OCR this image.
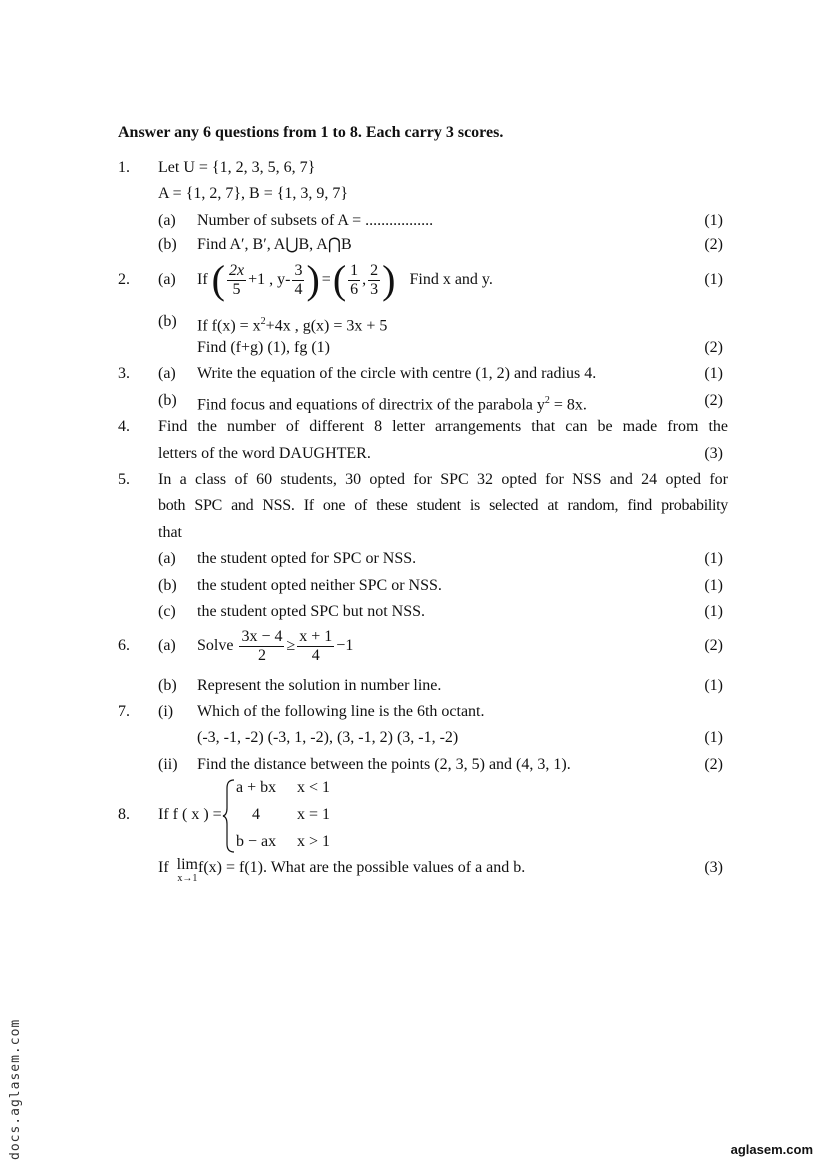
Answer any 6 questions from 1 to 8. Each carry 3 scores.
1. Let U = {1, 2, 3, 5, 6, 7}
A = {1, 2, 7}, B = {1, 3, 9, 7}
(a) Number of subsets of A = .................	(1)
(b) Find A′, B′, A⋃B, A⋂B	(2)
2. (a) If ( $\frac{2x}{5} +1$ , $y- \frac{3}{4}$ ) = ( $\frac{1}{6}$ , $\frac{2}{3}$ ) Find x and y.	(1)
(b) If $f(x) = x^2+4x$ , g(x) = 3x + 5
Find (f+g) (1), fg (1)	(2)
3. (a) Write the equation of the circle with centre (1, 2) and radius 4.	(1)
(b) Find focus and equations of directrix of the parabola $y^2 = 8x$.	(2)
4. Find the number of different 8 letter arrangements that can be made from the
letters of the word DAUGHTER.	(3)
5. In a class of 60 students, 30 opted for SPC 32 opted for NSS and 24 opted for
both SPC and NSS. If one of these student is selected at random, find probability
that
(a) the student opted for SPC or NSS.	(1)
(b) the student opted neither SPC or NSS.	(1)
(c) the student opted SPC but not NSS.	(1)
6. (a) Solve $\frac{3x - 4}{2} \ge \frac{x + 1}{4} -1$	(2)
(b) Represent the solution in number line.	(1)
7. (i) Which of the following line is the 6th octant.
(-3, -1, -2) (-3, 1, -2), (3, -1, 2) (3, -1, -2)	(1)
(ii) Find the distance between the points (2, 3, 5) and (4, 3, 1).	(2)
8. If f ( x ) =
a + bx x < 1
4 x = 1
b − ax x > 1
If lim
x→1
f(x) = f(1). What are the possible values of a and b.	(3)
docs.aglasem.com	aglasem.com
